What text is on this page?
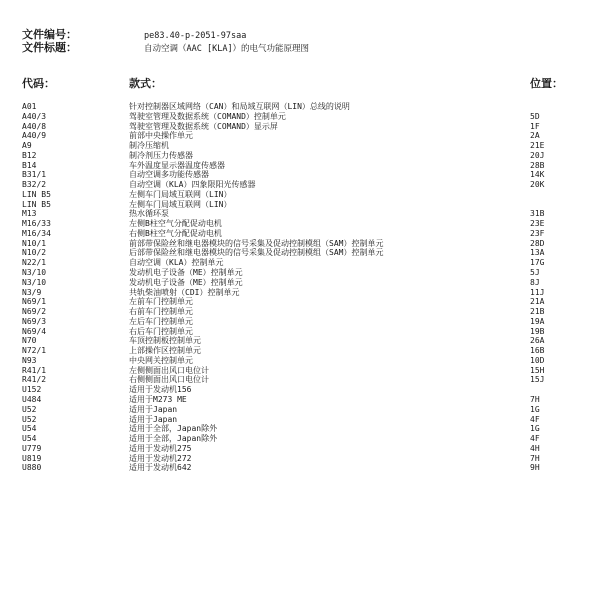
文件编号：	pe83.40-p-2051-97saa
文件标题：	自动空调（AAC [KLA]）的电气功能原理图
代码：	款式：	位置：
A01	针对控制器区域网络（CAN）和局域互联网（LIN）总线的说明
A40/3	驾驶室管理及数据系统（COMAND）控制单元	5D
A40/8	驾驶室管理及数据系统（COMAND）显示屏	1F
A40/9	前部中央操作单元	2A
A9	制冷压缩机	21E
B12	制冷剂压力传感器	20J
B14	车外温度显示器温度传感器	28B
B31/1	自动空调多功能传感器	14K
B32/2	自动空调（KLA）四象限阳光传感器	20K
LIN B5	左侧车门局域互联网（LIN）
LIN B5	左侧车门局域互联网（LIN）
M13	热水循环泵	31B
M16/33	左侧B柱空气分配促动电机	23E
M16/34	右侧B柱空气分配促动电机	23F
N10/1	前部带保险丝和继电器模块的信号采集及促动控制模组（SAM）控制单元	28D
N10/2	后部带保险丝和继电器模块的信号采集及促动控制模组（SAM）控制单元	13A
N22/1	自动空调（KLA）控制单元	17G
N3/10	发动机电子设备（ME）控制单元	5J
N3/10	发动机电子设备（ME）控制单元	8J
N3/9	共轨柴油喷射（CDI）控制单元	11J
N69/1	左前车门控制单元	21A
N69/2	右前车门控制单元	21B
N69/3	左后车门控制单元	19A
N69/4	右后车门控制单元	19B
N70	车顶控制板控制单元	26A
N72/1	上部操作区控制单元	16B
N93	中央网关控制单元	10D
R41/1	左侧侧面出风口电位计	15H
R41/2	右侧侧面出风口电位计	15J
U152	适用于发动机156
U484	适用于M273 ME	7H
U52	适用于Japan	1G
U52	适用于Japan	4F
U54	适用于全部，Japan除外	1G
U54	适用于全部，Japan除外	4F
U779	适用于发动机275	4H
U819	适用于发动机272	7H
U880	适用于发动机642	9H
